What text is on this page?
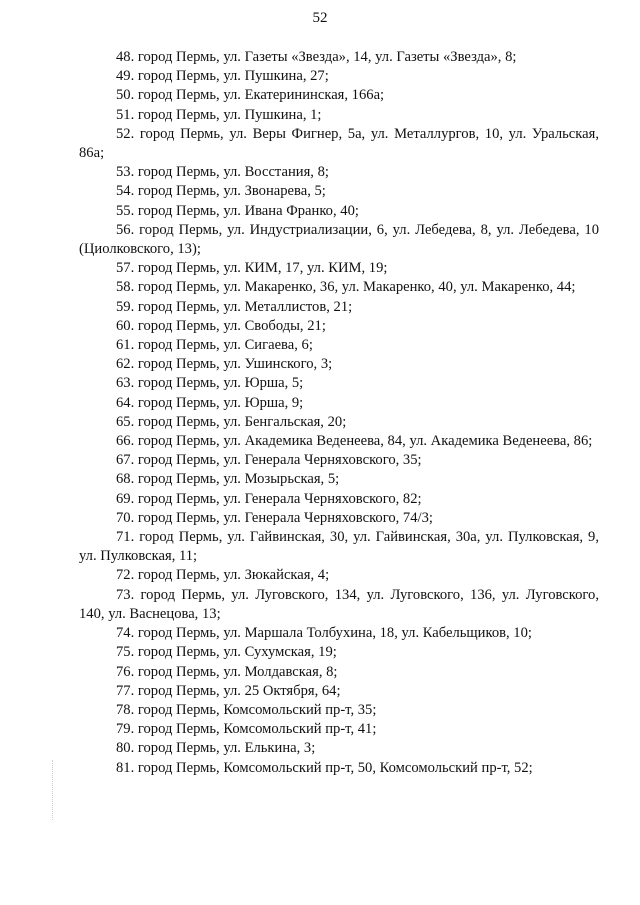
52

48. город Пермь, ул. Газеты «Звезда», 14, ул. Газеты «Звезда», 8;

49. город Пермь, ул. Пушкина, 27;

50. город Пермь, ул. Екатерининская, 166а;

51. город Пермь, ул. Пушкина, 1;

52. город Пермь, ул. Веры Фигнер, 5а, ул. Металлургов, 10, ул. Уральская, 86а;

53. город Пермь, ул. Восстания, 8;

54. город Пермь, ул. Звонарева, 5;

55. город Пермь, ул. Ивана Франко, 40;

56. город Пермь, ул. Индустриализации, 6, ул. Лебедева, 8, ул. Лебедева, 10 (Циолковского, 13);

57. город Пермь, ул. КИМ, 17, ул. КИМ, 19;

58. город Пермь, ул. Макаренко, 36, ул. Макаренко, 40, ул. Макаренко, 44;

59. город Пермь, ул. Металлистов, 21;

60. город Пермь, ул. Свободы, 21;

61. город Пермь, ул. Сигаева, 6;

62. город Пермь, ул. Ушинского, 3;

63. город Пермь, ул. Юрша, 5;

64. город Пермь, ул. Юрша, 9;

65. город Пермь, ул. Бенгальская, 20;

66. город Пермь, ул. Академика Веденеева, 84, ул. Академика Веденеева, 86;

67. город Пермь, ул. Генерала Черняховского, 35;

68. город Пермь, ул. Мозырьская, 5;

69. город Пермь, ул. Генерала Черняховского, 82;

70. город Пермь, ул. Генерала Черняховского, 74/3;

71. город Пермь, ул. Гайвинская, 30, ул. Гайвинская, 30а, ул. Пулковская, 9, ул. Пулковская, 11;

72. город Пермь, ул. Зюкайская, 4;

73. город Пермь, ул. Луговского, 134, ул. Луговского, 136, ул. Луговского, 140, ул. Васнецова, 13;

74. город Пермь, ул. Маршала Толбухина, 18, ул. Кабельщиков, 10;

75. город Пермь, ул. Сухумская, 19;

76. город Пермь, ул. Молдавская, 8;

77. город Пермь, ул. 25 Октября, 64;

78. город Пермь, Комсомольский пр-т, 35;

79. город Пермь, Комсомольский пр-т, 41;

80. город Пермь, ул. Елькина, 3;

81. город Пермь, Комсомольский пр-т, 50, Комсомольский пр-т, 52;
